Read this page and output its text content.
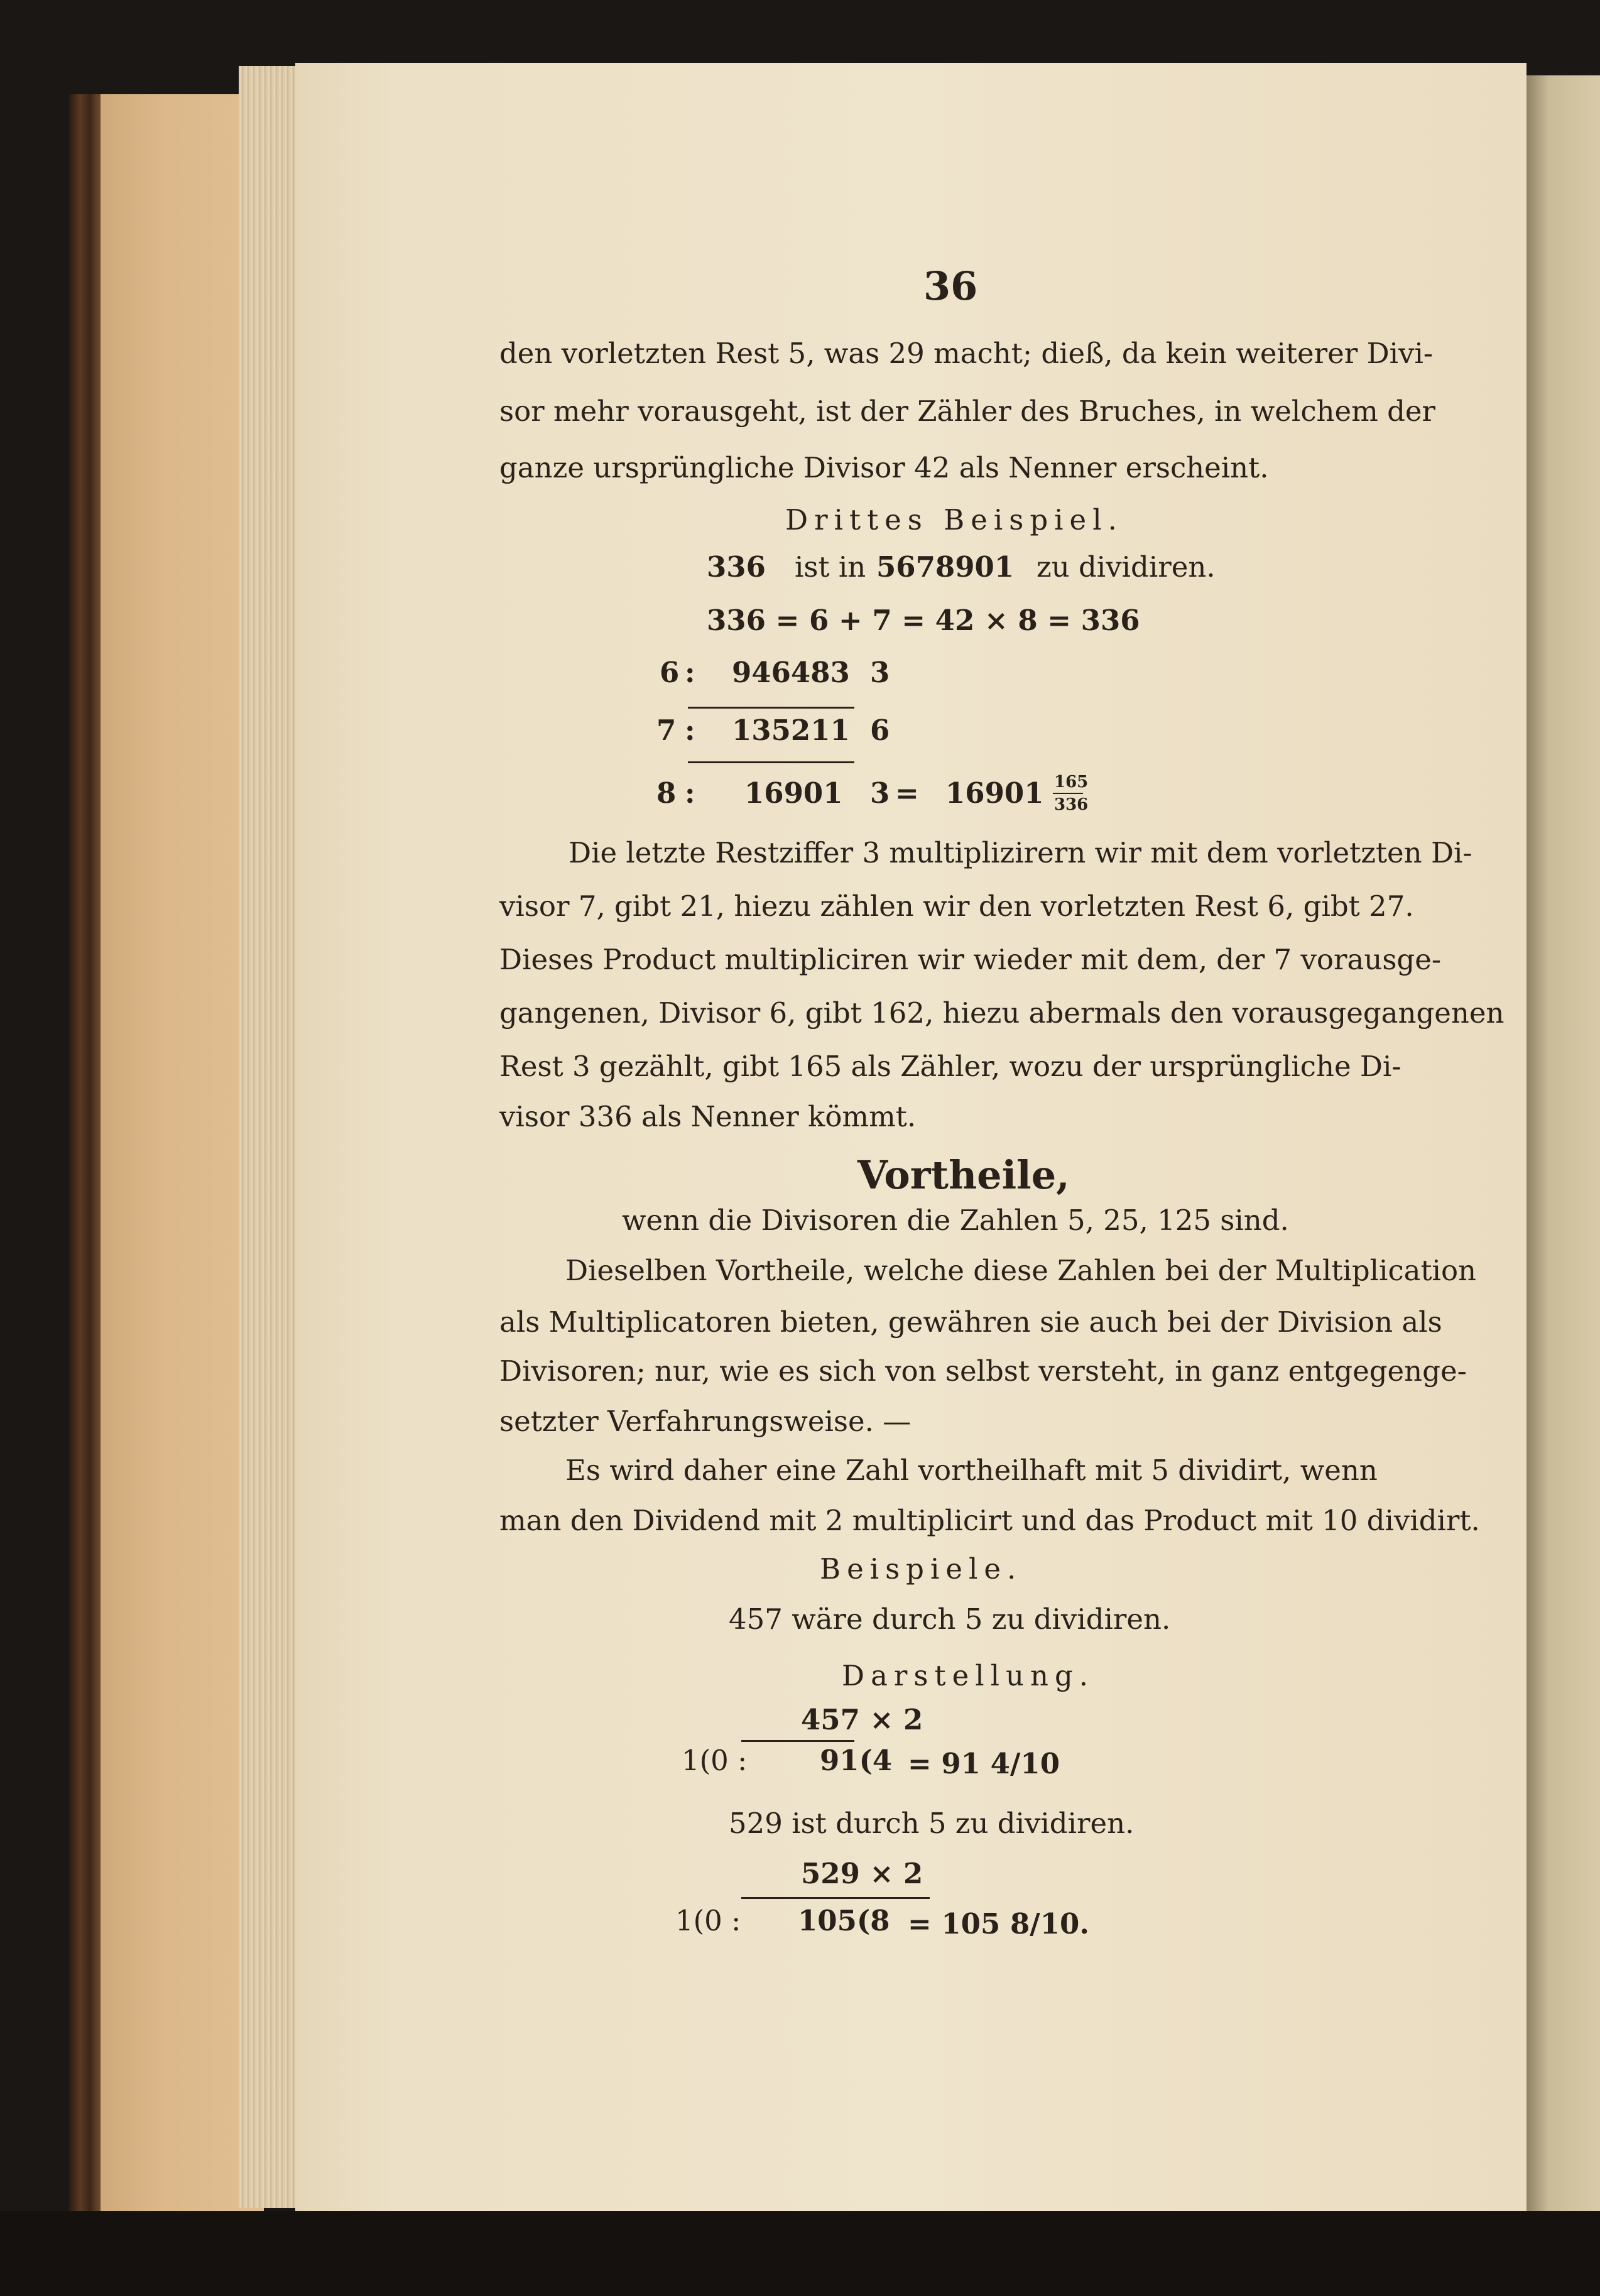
36
den vorletzten Rest 5, was 29 macht; dieß, da kein weiterer Divi-
sor mehr vorausgeht, ist der Zähler des Bruches, in welchem der
ganze ursprüngliche Divisor 42 als Nenner erscheint.
Drittes Beispiel.
336 ist in 5678901 zu dividiren.
336 = 6 + 7 = 42 × 8 = 336
6 : 946483 3
7 : 135211 6
8 : 16901 3 = 16901 165
336
Die letzte Restziffer 3 multiplizirern wir mit dem vorletzten Di-
visor 7, gibt 21, hiezu zählen wir den vorletzten Rest 6, gibt 27.
Dieses Product multipliciren wir wieder mit dem, der 7 vorausge-
gangenen, Divisor 6, gibt 162, hiezu abermals den vorausgegangenen
Rest 3 gezählt, gibt 165 als Zähler, wozu der ursprüngliche Di-
visor 336 als Nenner kömmt.
Vortheile,
wenn die Divisoren die Zahlen 5, 25, 125 sind.
Dieselben Vortheile, welche diese Zahlen bei der Multiplication
als Multiplicatoren bieten, gewähren sie auch bei der Division als
Divisoren; nur, wie es sich von selbst versteht, in ganz entgegenge-
setzter Verfahrungsweise. —
Es wird daher eine Zahl vortheilhaft mit 5 dividirt, wenn
man den Dividend mit 2 multiplicirt und das Product mit 10 dividirt.
Beispiele.
457 wäre durch 5 zu dividiren.
Darstellung.
457 × 2
1(0 :	91(4 = 91 4/10
529 ist durch 5 zu dividiren.
529 × 2
1(0 : 105(8 = 105 8/10.
